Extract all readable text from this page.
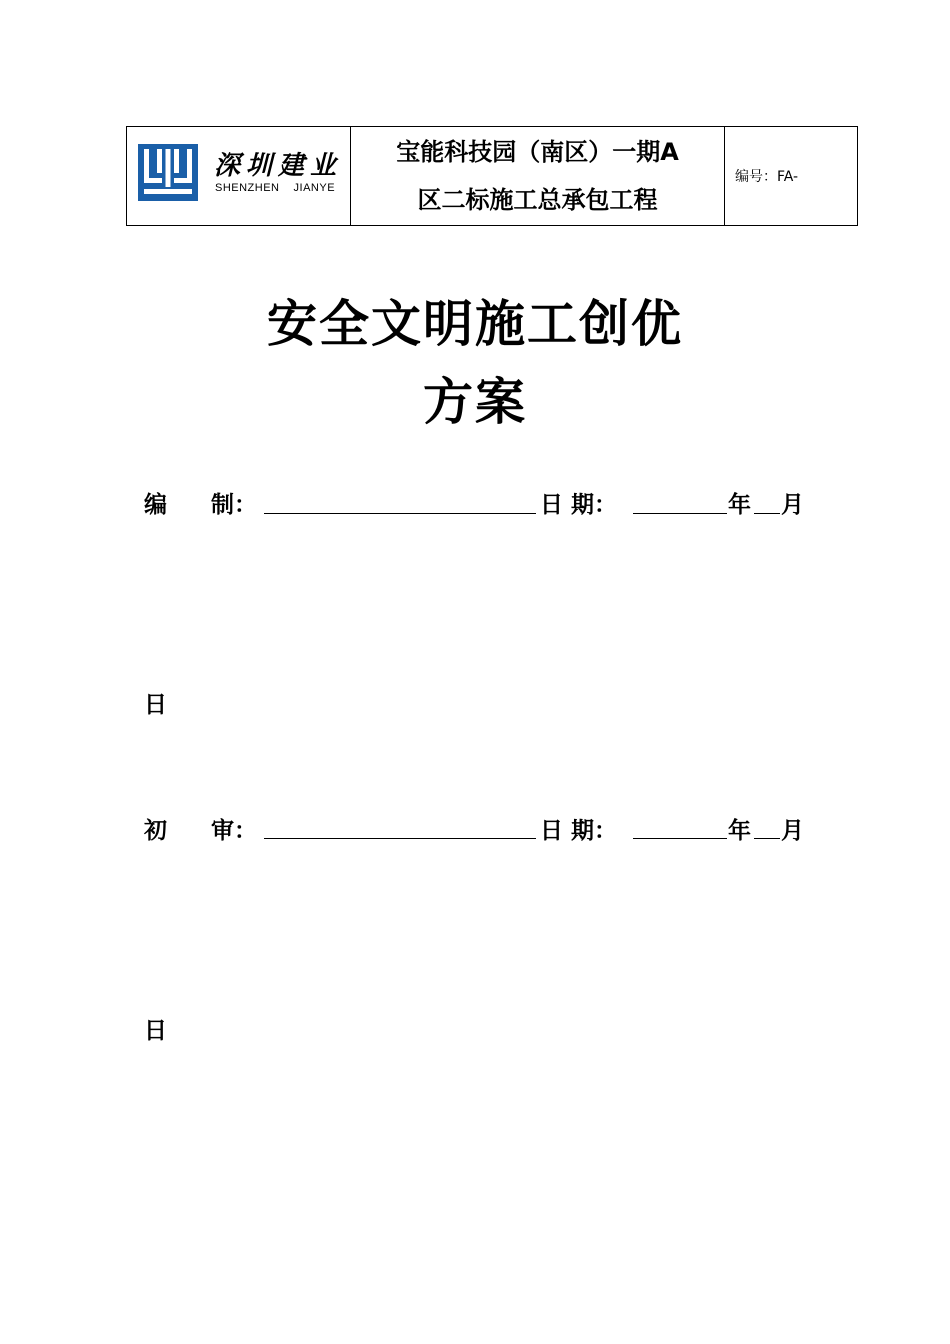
深圳建业
SHENZHEN JIANYE
宝能科技园（南区）一期A
区二标施工总承包工程
编号：FA-
安全文明施工创优
方案
编 制：	日 期：	年 月
日
初 审：	日 期：	年 月
日
